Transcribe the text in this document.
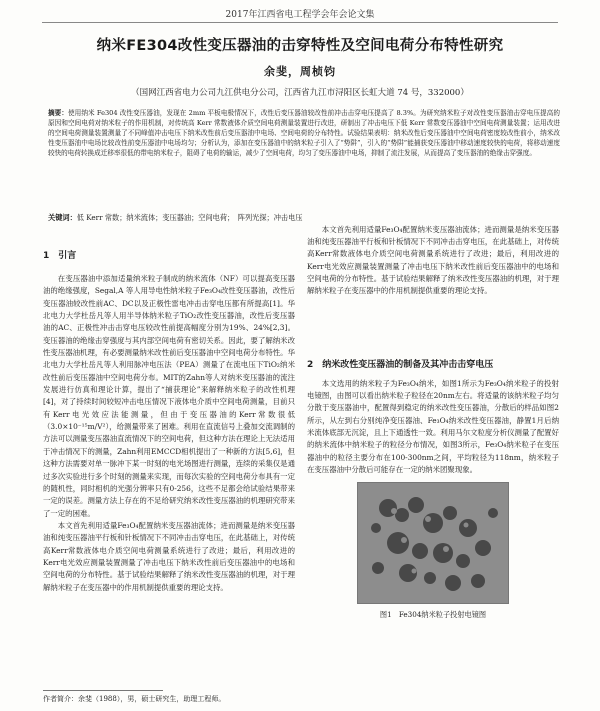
2017年江西省电工程学会年会论文集
纳米FE304改性变压器油的击穿特性及空间电荷分布特性研究
余斐，周桢钧
（国网江西省电力公司九江供电分公司，江西省九江市浔阳区长虹大道 74 号，332000）
摘要：使用纳米 Fe304 改性变压器油，发现在 2mm 平板电极情况下，改性后变压器油较改性前冲击击穿电压提高了 8.3%。为研究纳米粒子对改性变压器油击穿电压提高的原因和空间电荷对纳米粒子的作用机制，对传统高 Kerr 常数液体介质空间电荷测量装置进行改进，研制出了冲击电压下低 Kerr 常数变压器油中空间电荷测量装置；运用改进的空间电荷测量装置测量了不同峰值冲击电压下纳米改性前后变压器油中电场、空间电荷的分布特性。试验结果表明：纳米改性后变压器油中空间电荷密度较改性前小，纳米改性变压器油中电场比较改性前变压器油中电场均匀；分析认为，添加在变压器油中的纳米粒子引入了“势阱”，引入的“势阱”能捕获变压器油中移动速度较快的电荷，将移动速度较快的电荷转换成迁移率很低的带电纳米粒子，阻碍了电荷的输运，减少了空间电荷，均匀了变压器油中电场，抑制了流注发展，从而提高了变压器油的绝缘击穿强度。
关键词：低 Kerr 常数；纳米流体；变压器油；空间电荷；　阵列光探；冲击电压
1　引言

在变压器油中添加适量纳米粒子制成的纳米流体（NF）可以提高变压器油的绝缘强度，Segal,A 等人用导电性纳米粒子Fe₃O₄改性变压器油，改性后变压器油较改性前AC、DC以及正极性雷电冲击击穿电压都有所提高[1]。华北电力大学杜岳凡等人用半导体纳米粒子TiO₂改性变压器油，改性后变压器油的AC、正极性冲击击穿电压较改性前提高幅度分别为19%、24%[2,3]。变压器油的绝缘击穿强度与其内部空间电荷有密切关系。因此，要了解纳米改性变压器油机理，有必要测量纳米改性前后变压器油中空间电荷分布特性。华北电力大学杜岳凡等人利用脉冲电压法（PEA）测量了在流电压下TiO₂纳米改性前后变压器油中空间电荷分布。MIT的Zahn等人对纳米变压器油的流注发展进行仿真和理论计算，提出了“捕获理论”来解释纳米粒子的改性机理[4]，对了持续时间较短冲击电压情况下液体电介质中空间电荷测量，目前只有Kerr电光效应法能测量，但由于变压器油的Kerr常数很低（3.0×10⁻¹⁵m/V²），给测量带来了困难。利用在直流信号上叠加交流调制的方法可以测量变压器油直流情况下的空间电荷，但这种方法在理论上无法适用于冲击情况下的测量，Zahn利用EMCCD相机提出了一种新的方法[5,6]，但这种方法需要对单一脉冲下某一时刻的电光场图进行测量，连续的采集仅是通过多次实验进行多个时刻的测量来实现，而每次实验的空间电荷分布具有一定的随机性，同时相机的光强分辨率只有0-256，这些不足都会给试验结果带来一定的误差。测量方法上存在的不足给研究纳米改性变压器油的机理研究带来了一定的困难。

本文首先利用适量Fe₃O₄配置纳米变压器油流体；进而测量是纳米变压器油和纯变压器油平行板和针板情况下不同冲击击穿电压，在此基础上，对传统高Kerr常数液体电介质空间电荷测量系统进行了改进；最后，利用改进的Kerr电光效应测量装置测量了冲击电压下纳米改性前后变压器油中的电场和空间电荷的分布特性。基于试验结果解释了纳米改性变压器油的机理，对于理解纳米粒子在变压器中的作用机制提供重要的理论支持。

本文首先利用适量Fe₃O₄配置纳米变压器油流体；进而测量是纳米变压器油和纯变压器油平行板和针板情况下不同冲击击穿电压，在此基础上，对传统高Kerr常数液体电介质空间电荷测量系统进行了改进；最后，利用改进的Kerr电光效应测量装置测量了冲击电压下纳米改性前后变压器油中的电场和空间电荷的分布特性。基于试验结果解释了纳米改性变压器油的机理，对于理解纳米粒子在变压器中的作用机制提供重要的理论支持。

2　纳米改性变压器油的制备及其冲击击穿电压

本文选用的纳米粒子为Fe₃O₄纳米，如图1所示为Fe₃O₄纳米粒子的投射电镜图，由图可以看出纳米粒子粒径在20nm左右。将适量的该纳米粒子均匀分散于变压器油中，配置得到稳定的纳米改性变压器油，分散后的样品如图2所示，从左到右分别纯净变压器油、Fe₃O₄纳米改性变压器油，静置1月后纳米流体底部无沉淀，且上下通透性一致。利用马尔文粒度分析仪测量了配置好的纳米流体中纳米粒子的粒径分布情况，如图3所示，Fe₃O₄纳米粒子在变压器油中的粒径主要分布在100-300nm之间，平均粒径为118nm，纳米粒子在变压器油中分散后可能存在一定的纳米团聚现象。

图1　Fe304纳米粒子投射电镜图
作者简介：余斐（1988），男，硕士研究生，助理工程师。
